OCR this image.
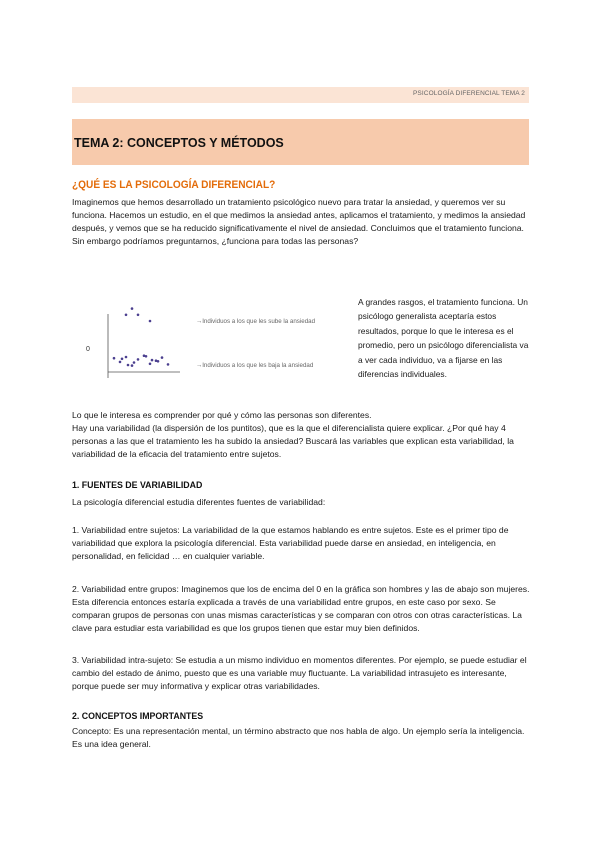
PSICOLOGÍA DIFERENCIAL TEMA 2
TEMA 2: CONCEPTOS Y MÉTODOS
¿QUÉ ES LA PSICOLOGÍA DIFERENCIAL?

Imaginemos que hemos desarrollado un tratamiento psicológico nuevo para tratar la ansiedad, y queremos ver su funciona. Hacemos un estudio, en el que medimos la ansiedad antes, aplicamos el tratamiento, y medimos la ansiedad después, y vemos que se ha reducido significativamente el nivel de ansiedad. Concluimos que el tratamiento funciona.

Sin embargo podríamos preguntarnos, ¿funciona para todas las personas?

0
→Individuos a los que les sube la ansiedad
→Individuos a los que les baja la ansiedad
A grandes rasgos, el tratamiento funciona. Un psicólogo generalista aceptaría estos resultados, porque lo que le interesa es el promedio, pero un psicólogo diferencialista va a ver cada individuo, va a fijarse en las diferencias individuales.

Lo que le interesa es comprender por qué y cómo las personas son diferentes.

Hay una variabilidad (la dispersión de los puntitos), que es la que el diferencialista quiere explicar. ¿Por qué hay 4 personas a las que el tratamiento les ha subido la ansiedad? Buscará las variables que explican esta variabilidad, la variabilidad de la eficacia del tratamiento entre sujetos.

1. FUENTES DE VARIABILIDAD

La psicología diferencial estudia diferentes fuentes de variabilidad:

1. Variabilidad entre sujetos: La variabilidad de la que estamos hablando es entre sujetos. Este es el primer tipo de variabilidad que explora la psicología diferencial. Esta variabilidad puede darse en ansiedad, en inteligencia, en personalidad, en felicidad … en cualquier variable.

2. Variabilidad entre grupos: Imaginemos que los de encima del 0 en la gráfica son hombres y las de abajo son mujeres. Esta diferencia entonces estaría explicada a través de una variabilidad entre grupos, en este caso por sexo. Se comparan grupos de personas con unas mismas características y se comparan con otros con otras características. La clave para estudiar esta variabilidad es que los grupos tienen que estar muy bien definidos.

3. Variabilidad intra-sujeto: Se estudia a un mismo individuo en momentos diferentes. Por ejemplo, se puede estudiar el cambio del estado de ánimo, puesto que es una variable muy fluctuante. La variabilidad intrasujeto es interesante, porque puede ser muy informativa y explicar otras variabilidades.

2. CONCEPTOS IMPORTANTES

Concepto: Es una representación mental, un término abstracto que nos habla de algo. Un ejemplo sería la inteligencia. Es una idea general.
